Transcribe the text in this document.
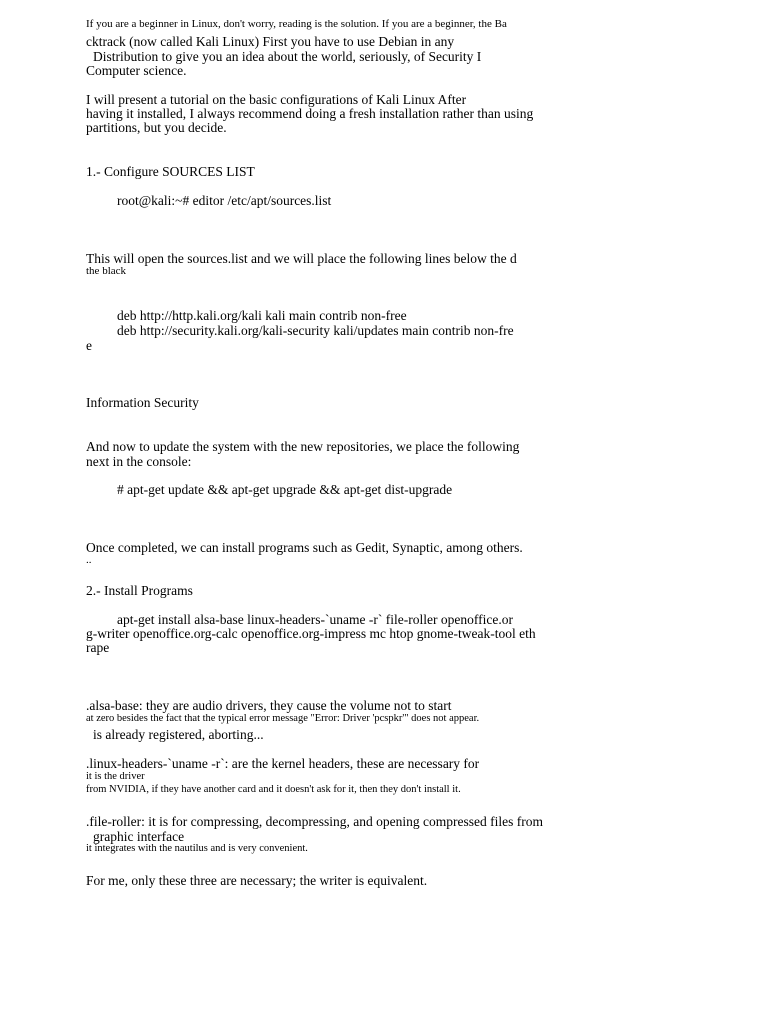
If you are a beginner in Linux, don't worry, reading is the solution. If you are a beginner, the Ba
cktrack (now called Kali Linux) First you have to use Debian in any
Distribution to give you an idea about the world, seriously, of Security I
Computer science.
I will present a tutorial on the basic configurations of Kali Linux After
having it installed, I always recommend doing a fresh installation rather than using
partitions, but you decide.
1.- Configure SOURCES LIST
root@kali:~# editor /etc/apt/sources.list
This will open the sources.list and we will place the following lines below the d
the black
deb http://http.kali.org/kali kali main contrib non-free
deb http://security.kali.org/kali-security kali/updates main contrib non-fre
e
Information Security
And now to update the system with the new repositories, we place the following
next in the console:
# apt-get update && apt-get upgrade && apt-get dist-upgrade
Once completed, we can install programs such as Gedit, Synaptic, among others.
..
2.- Install Programs
apt-get install alsa-base linux-headers-`uname -r` file-roller openoffice.or
g-writer openoffice.org-calc openoffice.org-impress mc htop gnome-tweak-tool eth
rape
.alsa-base: they are audio drivers, they cause the volume not to start
at zero besides the fact that the typical error message "Error: Driver 'pcspkr'" does not appear.
is already registered, aborting...
.linux-headers-`uname -r`: are the kernel headers, these are necessary for
it is the driver
from NVIDIA, if they have another card and it doesn't ask for it, then they don't install it.
.file-roller: it is for compressing, decompressing, and opening compressed files from
graphic interface
it integrates with the nautilus and is very convenient.
For me, only these three are necessary; the writer is equivalent.
